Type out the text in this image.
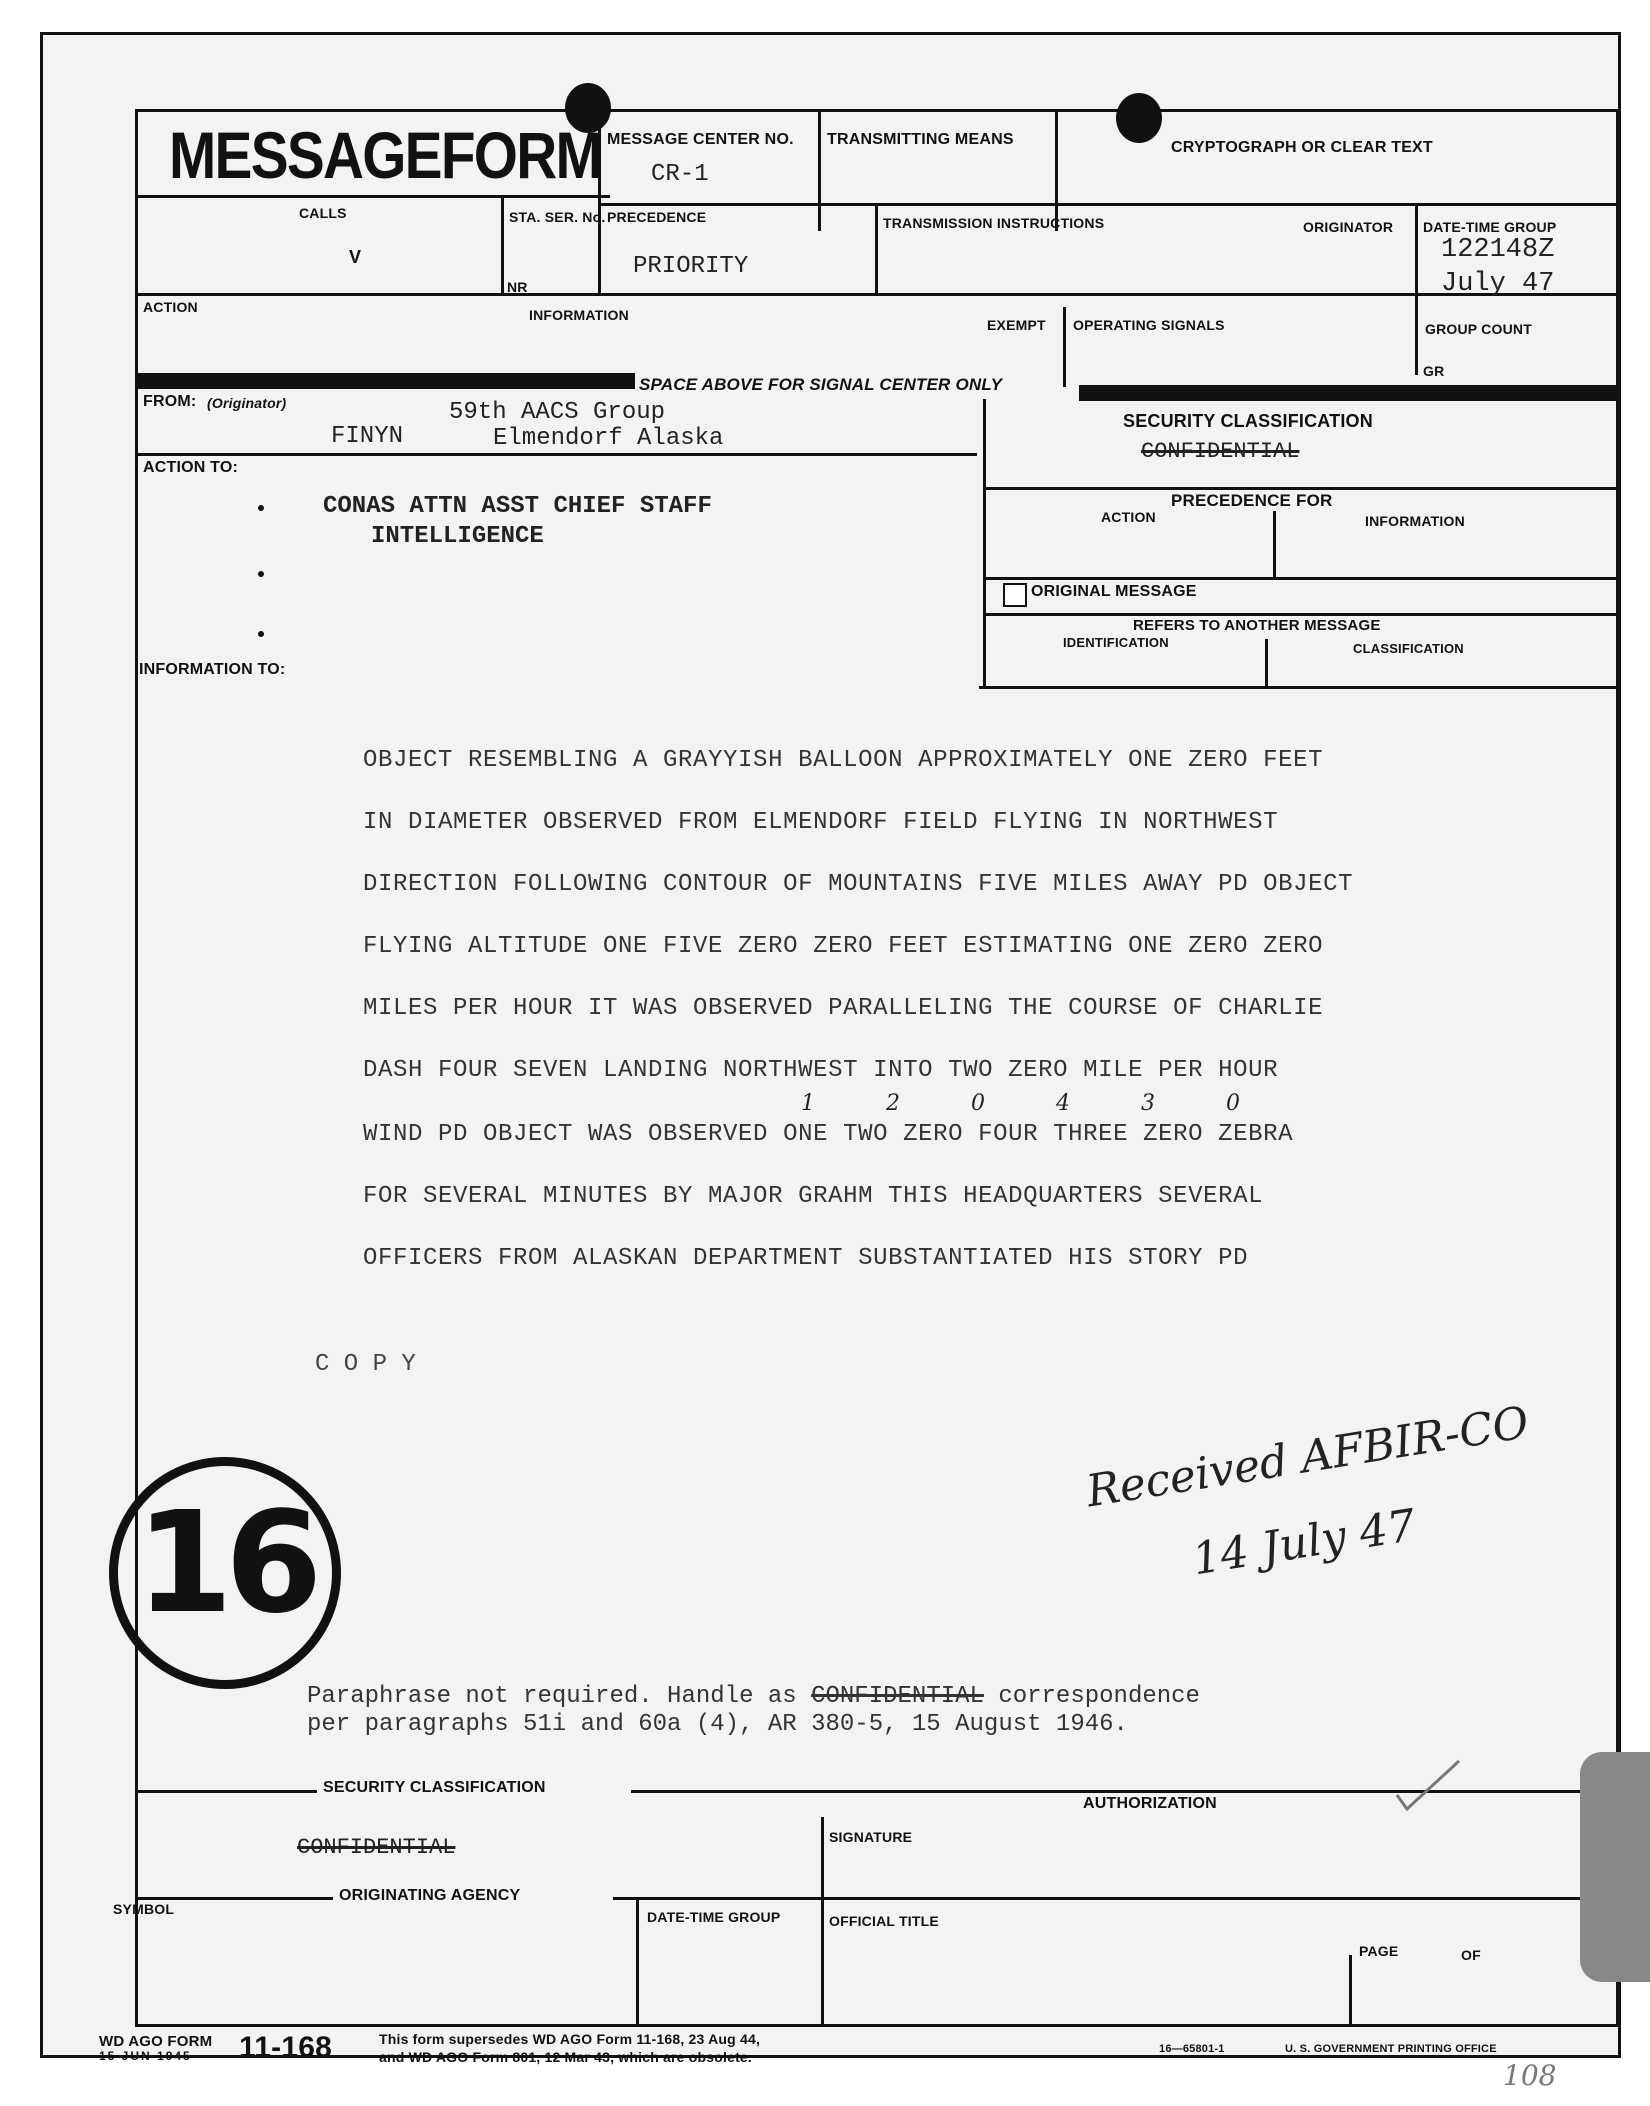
MESSAGEFORM MESSAGE CENTER NO.
CR-1
TRANSMITTING MEANS	CRYPTOGRAPH OR CLEAR TEXT
CALLS
V
STA. SER. No.
NR
PRECEDENCE
PRIORITY
TRANSMISSION INSTRUCTIONS	ORIGINATOR DATE-TIME GROUP
122148Z
July 47
ACTION	INFORMATION
EXEMPT OPERATING SIGNALS	GROUP COUNT
GR
SPACE ABOVE FOR SIGNAL CENTER ONLY
FROM: (Originator)
FINYN
59th AACS Group
Elmendorf Alaska
ACTION TO:
CONAS ATTN ASST CHIEF STAFF
INTELLIGENCE
INFORMATION TO:
SECURITY CLASSIFICATION
CONFIDENTIAL
PRECEDENCE FOR
ACTION	INFORMATION
ORIGINAL MESSAGE
REFERS TO ANOTHER MESSAGE
IDENTIFICATION	CLASSIFICATION
OBJECT RESEMBLING A GRAYYISH BALLOON APPROXIMATELY ONE ZERO FEET
IN DIAMETER OBSERVED FROM ELMENDORF FIELD FLYING IN NORTHWEST
DIRECTION FOLLOWING CONTOUR OF MOUNTAINS FIVE MILES AWAY PD OBJECT
FLYING ALTITUDE ONE FIVE ZERO ZERO FEET ESTIMATING ONE ZERO ZERO
MILES PER HOUR IT WAS OBSERVED PARALLELING THE COURSE OF CHARLIE
DASH FOUR SEVEN LANDING NORTHWEST INTO TWO ZERO MILE PER HOUR
WIND PD OBJECT WAS OBSERVED ONE TWO ZERO FOUR THREE ZERO ZEBRA
FOR SEVERAL MINUTES BY MAJOR GRAHM THIS HEADQUARTERS SEVERAL
OFFICERS FROM ALASKAN DEPARTMENT SUBSTANTIATED HIS STORY PD
1 2 0 4 3 0
C O P Y
16
Received AFBIR-CO
14 July 47
Paraphrase not required. Handle as CONFIDENTIAL correspondence
per paragraphs 51i and 60a (4), AR 380-5, 15 August 1946.
SECURITY CLASSIFICATION
CONFIDENTIAL
AUTHORIZATION
SIGNATURE
ORIGINATING AGENCY
SYMBOL	DATE-TIME GROUP	OFFICIAL TITLE
PAGE	OF
WD AGO FORM
15 JUN 1945 11-168	This form supersedes WD AGO Form 11-168, 23 Aug 44,
and WD AGO Form 801, 12 Mar 43, which are obsolete.	16—65801-1	U. S. GOVERNMENT PRINTING OFFICE
108
